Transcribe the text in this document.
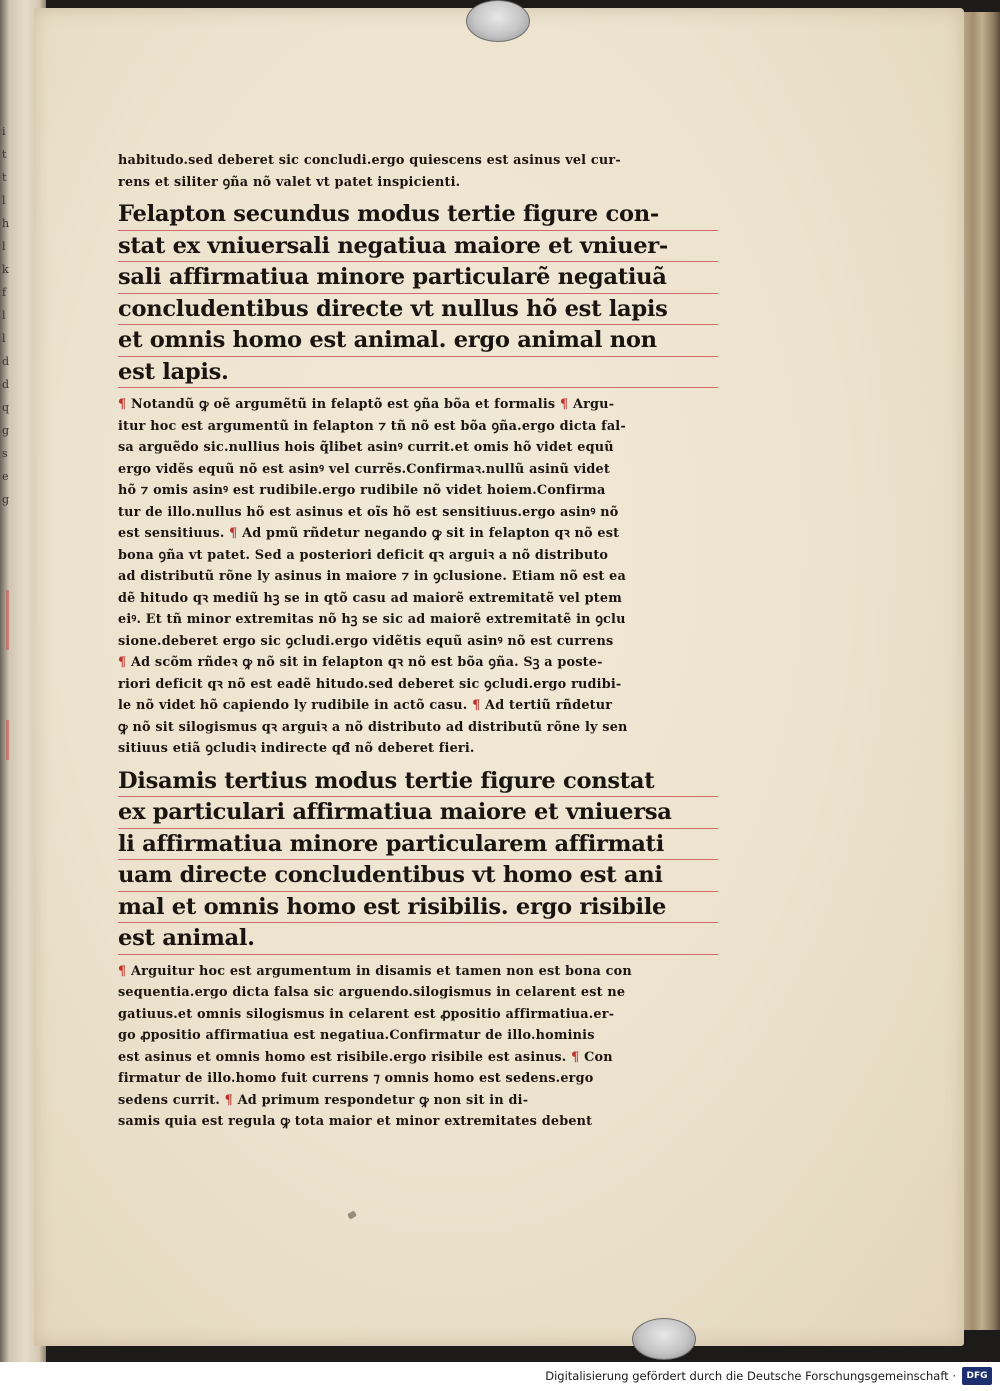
i
t
t
l
h
l
k
f
l
l
d
d
q
g
s
e
g
habitudo.sed deberet sic concludi.ergo quiescens est asinus vel cur-
rens et siliter ꝯña nõ valet vt patet inspicienti.
Felapton secundus modus tertie figure con-
stat ex vniuersali negatiua maiore et vniuer-
sali affirmatiua minore particularẽ negatiuã
concludentibus directe vt nullus hõ est lapis
et omnis homo est animal. ergo animal non
est lapis.
¶ Notandũ ꝙ oẽ argumẽtũ in felaptõ est ꝯña bõa et formalis ¶ Argu-
itur hoc est argumentũ in felapton ⁊ tñ nõ est bõa ꝯña.ergo dicta fal-
sa arguẽdo sic.nullius hois q̃libet asinꝰ currit.et omis hõ videt equũ
ergo vidẽs equũ nõ est asinꝰ vel currẽs.Confirmaꝛ.nullũ asinũ videt
hõ ⁊ omis asinꝰ est rudibile.ergo rudibile nõ videt hoiem.Confirma
tur de illo.nullus hõ est asinus et oĩs hõ est sensitiuus.ergo asinꝰ nõ
est sensitiuus. ¶ Ad pmũ rñdetur negando ꝙ sit in felapton qꝛ nõ est
bona ꝯña vt patet. Sed a posteriori deficit qꝛ arguiꝛ a nõ distributo
ad distributũ rõne ly asinus in maiore ⁊ in ꝯclusione. Etiam nõ est ea
dẽ hitudo qꝛ mediũ hꝫ se in qtõ casu ad maiorẽ extremitatẽ vel ptem
eiꝰ. Et tñ minor extremitas nõ hꝫ se sic ad maiorẽ extremitatẽ in ꝯclu
sione.deberet ergo sic ꝯcludi.ergo vidẽtis equũ asinꝰ nõ est currens
¶ Ad scõm rñdeꝛ ꝙ nõ sit in felapton qꝛ nõ est bõa ꝯña. Sꝫ a poste-
riori deficit qꝛ nõ est eadẽ hitudo.sed deberet sic ꝯcludi.ergo rudibi-
le nõ videt hõ capiendo ly rudibile in actõ casu. ¶ Ad tertiũ rñdetur
ꝙ nõ sit silogismus qꝛ arguiꝛ a nõ distributo ad distributũ rõne ly sen
sitiuus etiã ꝯcludiꝛ indirecte qđ nõ deberet fieri.
Disamis tertius modus tertie figure constat
ex particulari affirmatiua maiore et vniuersa
li affirmatiua minore particularem affirmati
uam directe concludentibus vt homo est ani
mal et omnis homo est risibilis. ergo risibile
est animal.
¶ Arguitur hoc est argumentum in disamis et tamen non est bona con
sequentia.ergo dicta falsa sic arguendo.silogismus in celarent est ne
gatiuus.et omnis silogismus in celarent est ꝓpositio affirmatiua.er-
go ꝓpositio affirmatiua est negatiua.Confirmatur de illo.hominis
est asinus et omnis homo est risibile.ergo risibile est asinus. ¶ Con
firmatur de illo.homo fuit currens ⁊ omnis homo est sedens.ergo
sedens currit. ¶ Ad primum respondetur ꝙ non sit in di-
samis quia est regula ꝙ tota maior et minor extremitates debent
Digitalisierung gefördert durch die Deutsche Forschungsgemeinschaft ·	DFG
